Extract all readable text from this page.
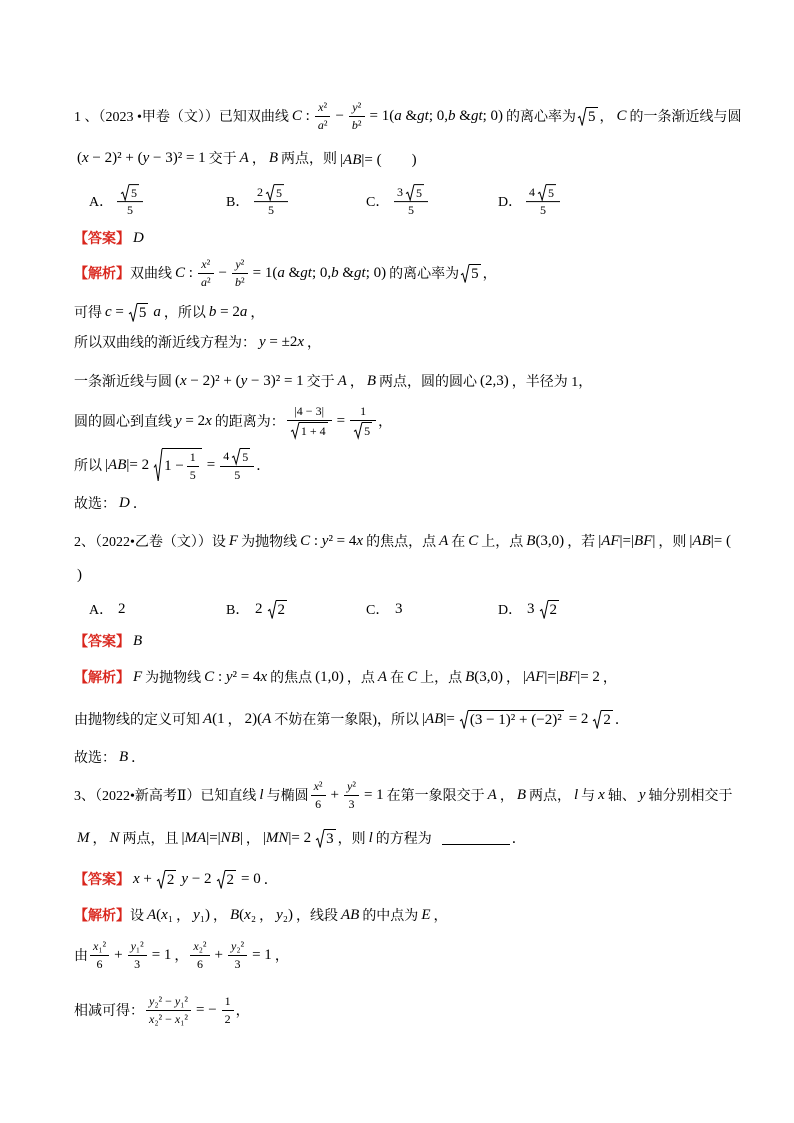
1 、（2023 •甲卷（文））已知双曲线 C : $\frac{\text{x²}}{\text{a²}} - \frac{\text{y²}}{\text{b²}} = 1(a$ &gt; 0,b &gt; 0) 的离心率为 5 ， C 的一条渐近线与圆
(x − 2)² + (y − 3)² = 1 交于 A ， B 两点，则 |AB|= (　　)
A． $\frac{5}{5}$	B． $\frac{2 5}{5}$	C． $\frac{3 5}{5}$	D． $\frac{4 5}{5}$
【答案】 D
【解析】 双曲线 C : $\frac{\text{x²}}{\text{a²}} - \frac{\text{y²}}{\text{b²}} = 1(a$ &gt; 0,b &gt; 0) 的离心率为 5 ，
可得 c = 5 a ，所以 b = 2a ，
所以双曲线的渐近线方程为： y = ±2x ，
一条渐近线与圆 (x − 2)² + (y − 3)² = 1 交于 A ， B 两点，圆的圆心 (2,3) ，半径为 1，
圆的圆心到直线 y = 2x 的距离为： $\frac{|4 - 3|}{1 + 4} = \frac{1}{5}$ ，
所以 |AB|= 2 $1 - \frac{1}{5} = \frac{4 5}{5}$ ．
故选： D ．
2、（2022•乙卷（文））设 F 为抛物线 C : y² = 4x 的焦点，点 A 在 C 上，点 B(3,0) ，若 |AF|=|BF| ，则 |AB|= (
)
A． 2	B． 2 2	C． 3	D． 3 2
【答案】 B
【解析】 F 为抛物线 C : y² = 4x 的焦点 (1,0) ，点 A 在 C 上，点 B(3,0) ， |AF|=|BF|= 2 ，
由抛物线的定义可知 A(1 ， 2)(A 不妨在第一象限)，所以 |AB|= (3 − 1)² + (−2)² = 2 2 ．
故选： B ．
3、（2022•新高考Ⅱ）已知直线 l 与椭圆 $\frac{\text{x²}}{6} + \frac{\text{y²}}{3} = 1$ 在第一象限交于 A ， B 两点， l 与 x 轴、 y 轴分别相交于
M ， N 两点，且 |MA|=|NB| ， |MN|= 2 3 ，则 l 的方程为	．
【答案】 x + 2 y − 2 2 = 0 ．
【解析】 设 A(x₁ ， y₁) ， B(x₂ ， y₂) ，线段 AB 的中点为 E ，
由 $\frac{\text{x₁²}}{6} + \frac{\text{y₁²}}{3} = 1$ ， $\frac{\text{x₂²}}{6} + \frac{\text{y₂²}}{3} = 1$ ，
相减可得： $\frac{\text{y₂² − y₁²}}{\text{x₂² − x₁²}}$ = − $\frac{1}{2}$ ，
